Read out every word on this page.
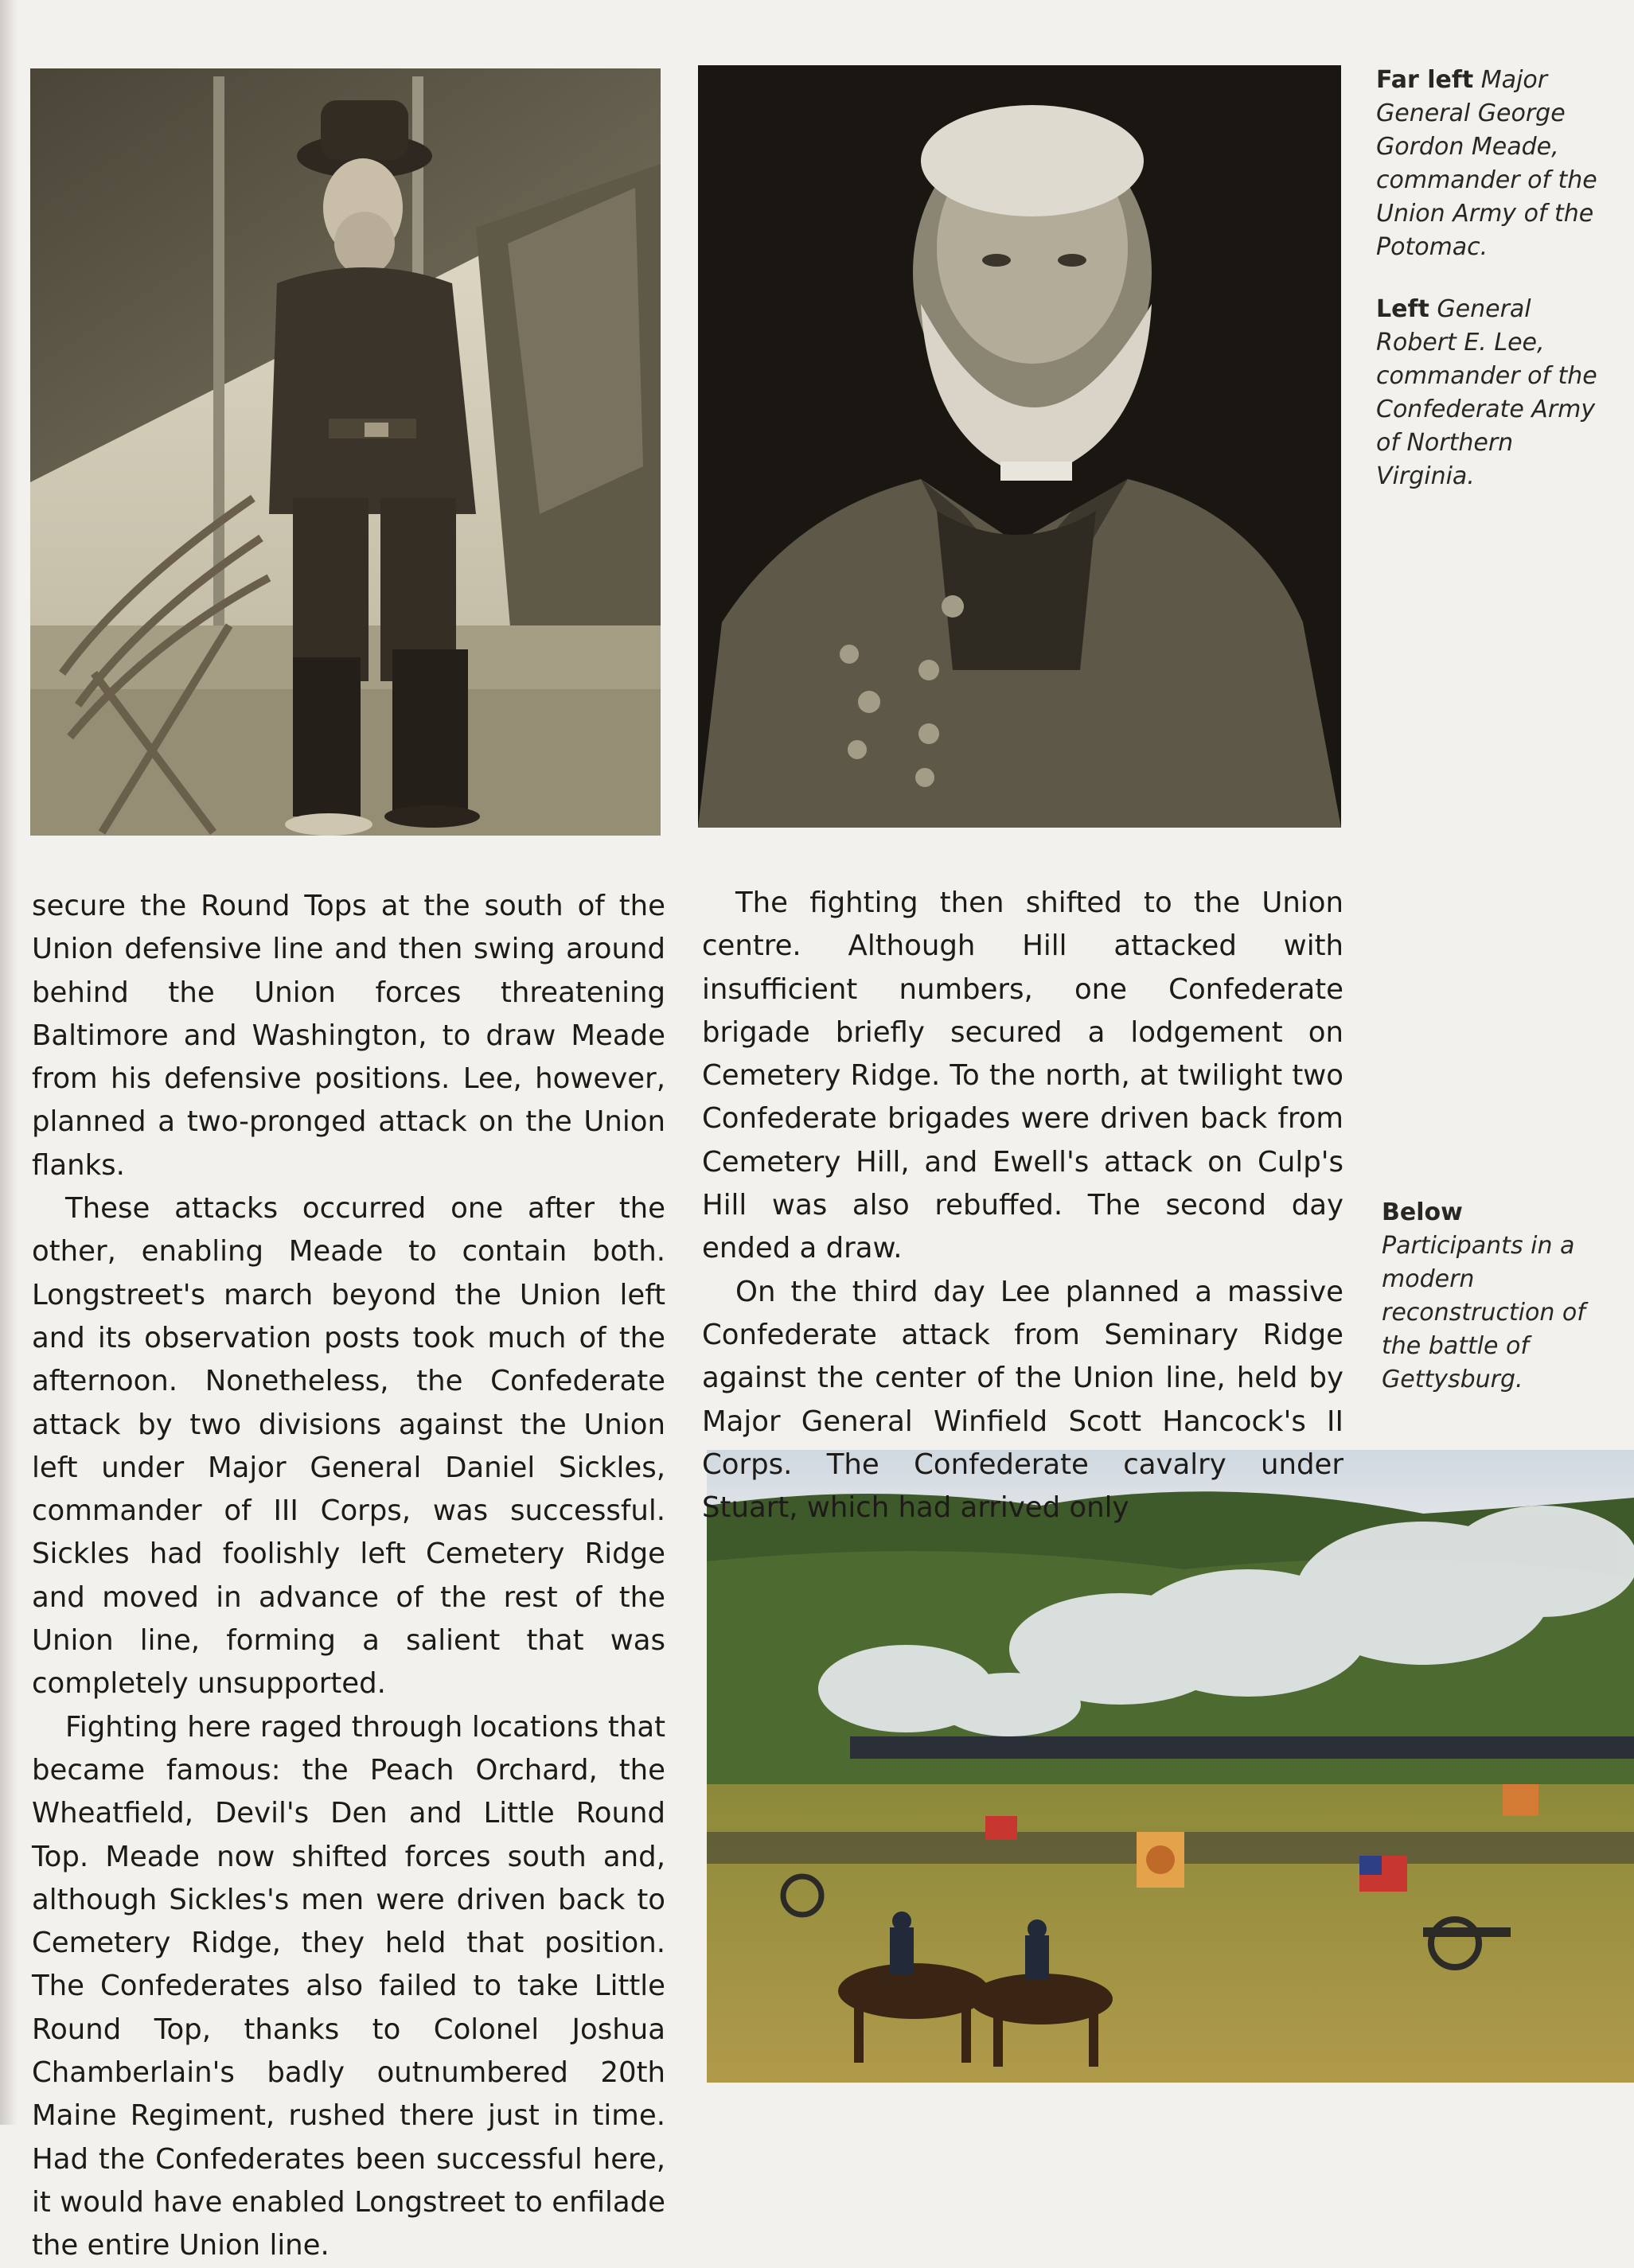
Far left Major General George Gordon Meade, commander of the Union Army of the Potomac.
Left General Robert E. Lee, commander of the Confederate Army of Northern Virginia.
Below
Participants in a modern reconstruction of the battle of Gettysburg.

secure the Round Tops at the south of the Union defensive line and then swing around behind the Union forces threatening Baltimore and Washington, to draw Meade from his defensive positions. Lee, however, planned a two-pronged attack on the Union flanks.

These attacks occurred one after the other, enabling Meade to contain both. Longstreet's march beyond the Union left and its observation posts took much of the afternoon. Nonetheless, the Confederate attack by two divisions against the Union left under Major General Daniel Sickles, commander of III Corps, was successful. Sickles had foolishly left Cemetery Ridge and moved in advance of the rest of the Union line, forming a salient that was completely unsupported.

Fighting here raged through locations that became famous: the Peach Orchard, the Wheatfield, Devil's Den and Little Round Top. Meade now shifted forces south and, although Sickles's men were driven back to Cemetery Ridge, they held that position. The Confederates also failed to take Little Round Top, thanks to Colonel Joshua Chamberlain's badly outnumbered 20th Maine Regiment, rushed there just in time. Had the Confederates been successful here, it would have enabled Longstreet to enfilade the entire Union line.

The fighting then shifted to the Union centre. Although Hill attacked with insufficient numbers, one Confederate brigade briefly secured a lodgement on Cemetery Ridge. To the north, at twilight two Confederate brigades were driven back from Cemetery Hill, and Ewell's attack on Culp's Hill was also rebuffed. The second day ended a draw.

On the third day Lee planned a massive Confederate attack from Seminary Ridge against the center of the Union line, held by Major General Winfield Scott Hancock's II Corps. The Confederate cavalry under Stuart, which had arrived only
